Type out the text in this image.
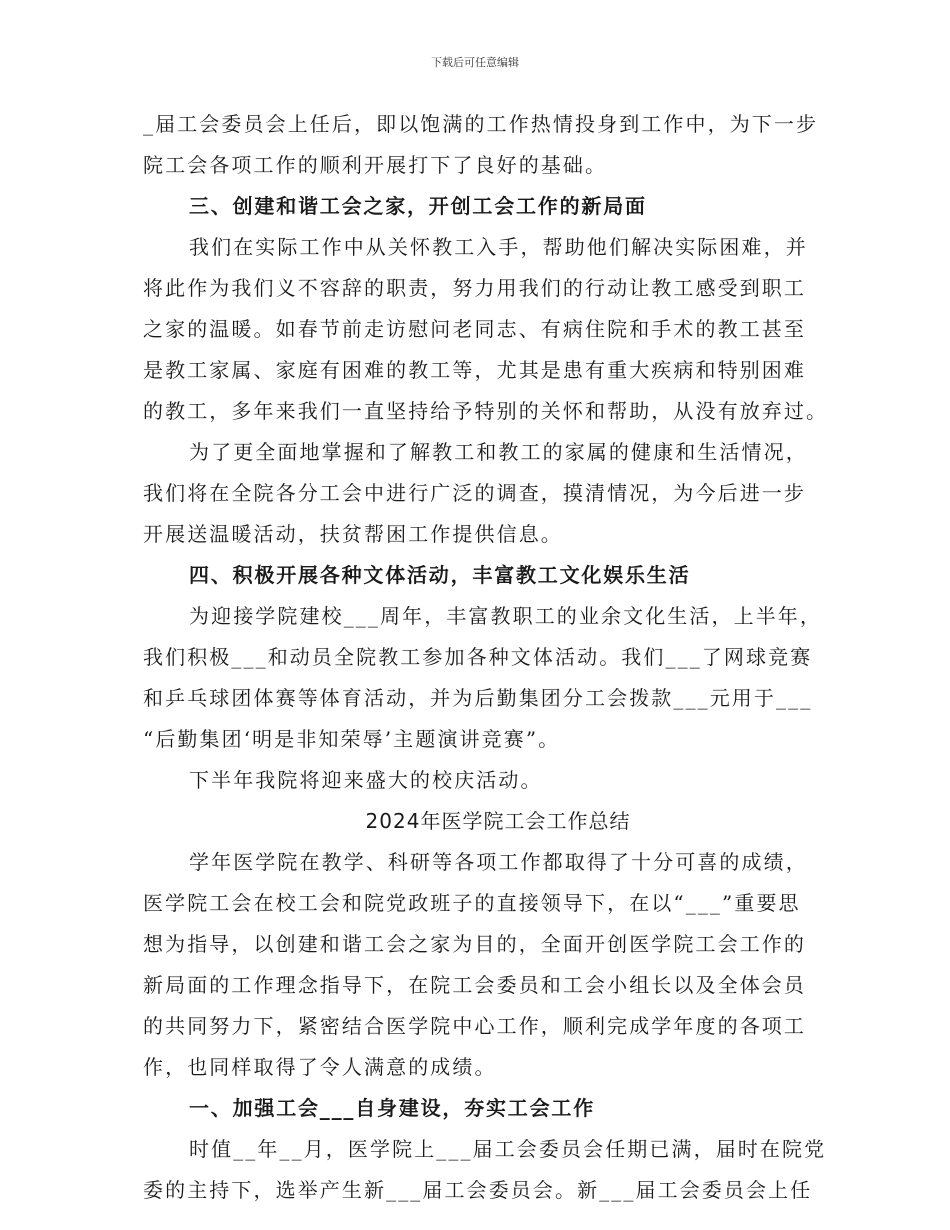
下载后可任意编辑
_届工会委员会上任后，即以饱满的工作热情投身到工作中，为下一步
院工会各项工作的顺利开展打下了良好的基础。
三、创建和谐工会之家，开创工会工作的新局面
我们在实际工作中从关怀教工入手，帮助他们解决实际困难，并
将此作为我们义不容辞的职责，努力用我们的行动让教工感受到职工
之家的温暖。如春节前走访慰问老同志、有病住院和手术的教工甚至
是教工家属、家庭有困难的教工等，尤其是患有重大疾病和特别困难
的教工，多年来我们一直坚持给予特别的关怀和帮助，从没有放弃过。
为了更全面地掌握和了解教工和教工的家属的健康和生活情况，
我们将在全院各分工会中进行广泛的调查，摸清情况，为今后进一步
开展送温暖活动，扶贫帮困工作提供信息。
四、积极开展各种文体活动，丰富教工文化娱乐生活
为迎接学院建校___周年，丰富教职工的业余文化生活，上半年，
我们积极___和动员全院教工参加各种文体活动。我们___了网球竞赛
和乒乓球团体赛等体育活动，并为后勤集团分工会拨款___元用于___
“后勤集团‘明是非知荣辱’主题演讲竞赛”。
下半年我院将迎来盛大的校庆活动。
2024年医学院工会工作总结
学年医学院在教学、科研等各项工作都取得了十分可喜的成绩，
医学院工会在校工会和院党政班子的直接领导下，在以“___”重要思
想为指导，以创建和谐工会之家为目的，全面开创医学院工会工作的
新局面的工作理念指导下，在院工会委员和工会小组长以及全体会员
的共同努力下，紧密结合医学院中心工作，顺利完成学年度的各项工
作，也同样取得了令人满意的成绩。
一、加强工会___自身建设，夯实工会工作
时值__年__月，医学院上___届工会委员会任期已满，届时在院党
委的主持下，选举产生新___届工会委员会。新___届工会委员会上任
